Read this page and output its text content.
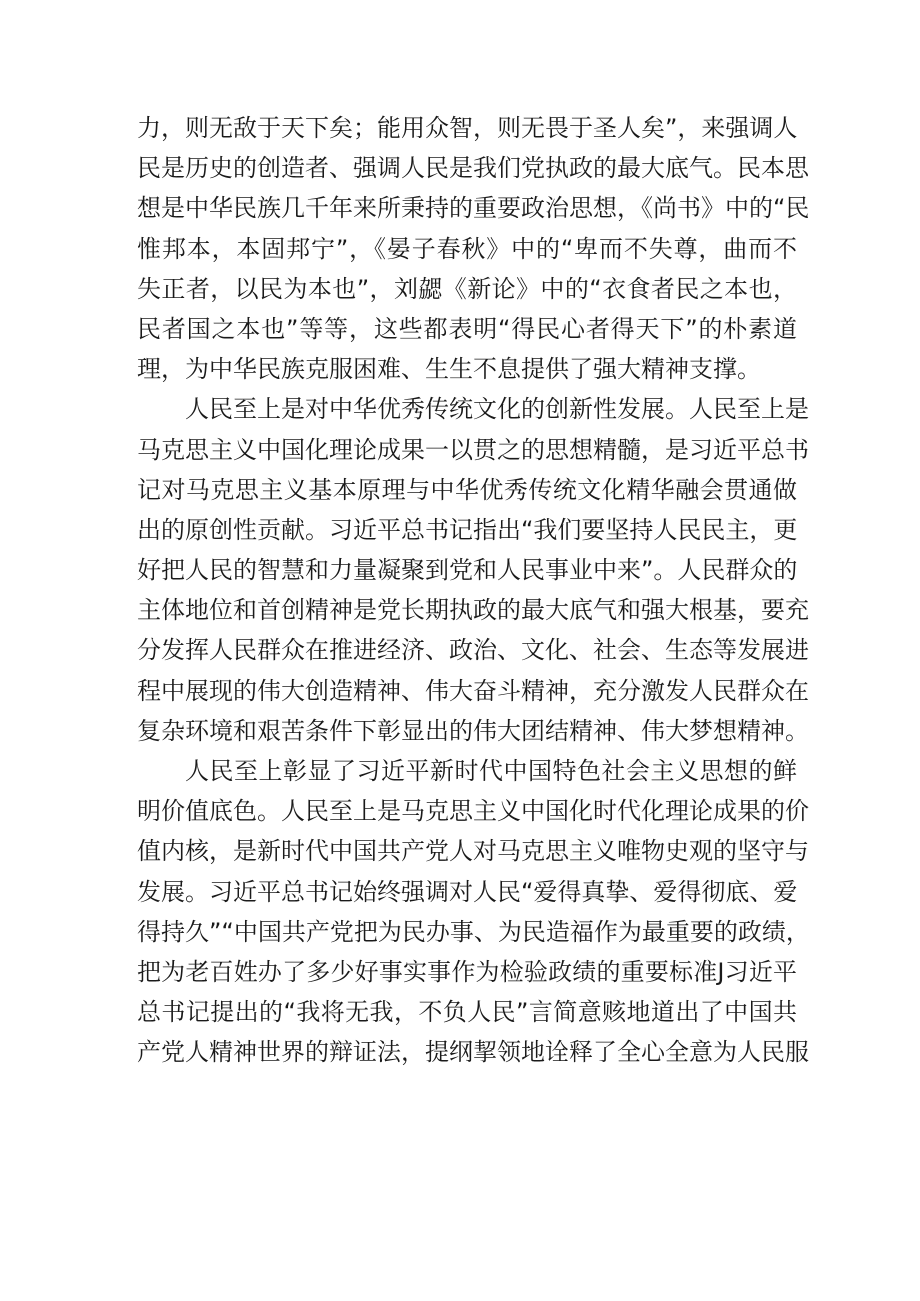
力，则无敌于天下矣；能用众智，则无畏于圣人矣”，来强调人
民是历史的创造者、强调人民是我们党执政的最大底气。民本思
想是中华民族几千年来所秉持的重要政治思想，《尚书》中的“民
惟邦本，本固邦宁”，《晏子春秋》中的“卑而不失尊，曲而不
失正者，以民为本也”，刘勰《新论》中的“衣食者民之本也，
民者国之本也”等等，这些都表明“得民心者得天下”的朴素道
理，为中华民族克服困难、生生不息提供了强大精神支撑。
人民至上是对中华优秀传统文化的创新性发展。人民至上是
马克思主义中国化理论成果一以贯之的思想精髓，是习近平总书
记对马克思主义基本原理与中华优秀传统文化精华融会贯通做
出的原创性贡献。习近平总书记指出“我们要坚持人民民主，更
好把人民的智慧和力量凝聚到党和人民事业中来”。人民群众的
主体地位和首创精神是党长期执政的最大底气和强大根基，要充
分发挥人民群众在推进经济、政治、文化、社会、生态等发展进
程中展现的伟大创造精神、伟大奋斗精神，充分激发人民群众在
复杂环境和艰苦条件下彰显出的伟大团结精神、伟大梦想精神。
人民至上彰显了习近平新时代中国特色社会主义思想的鲜
明价值底色。人民至上是马克思主义中国化时代化理论成果的价
值内核，是新时代中国共产党人对马克思主义唯物史观的坚守与
发展。习近平总书记始终强调对人民“爱得真挚、爱得彻底、爱
得持久”“中国共产党把为民办事、为民造福作为最重要的政绩，
把为老百姓办了多少好事实事作为检验政绩的重要标准J习近平
总书记提出的“我将无我，不负人民”言简意赅地道出了中国共
产党人精神世界的辩证法，提纲挈领地诠释了全心全意为人民服
